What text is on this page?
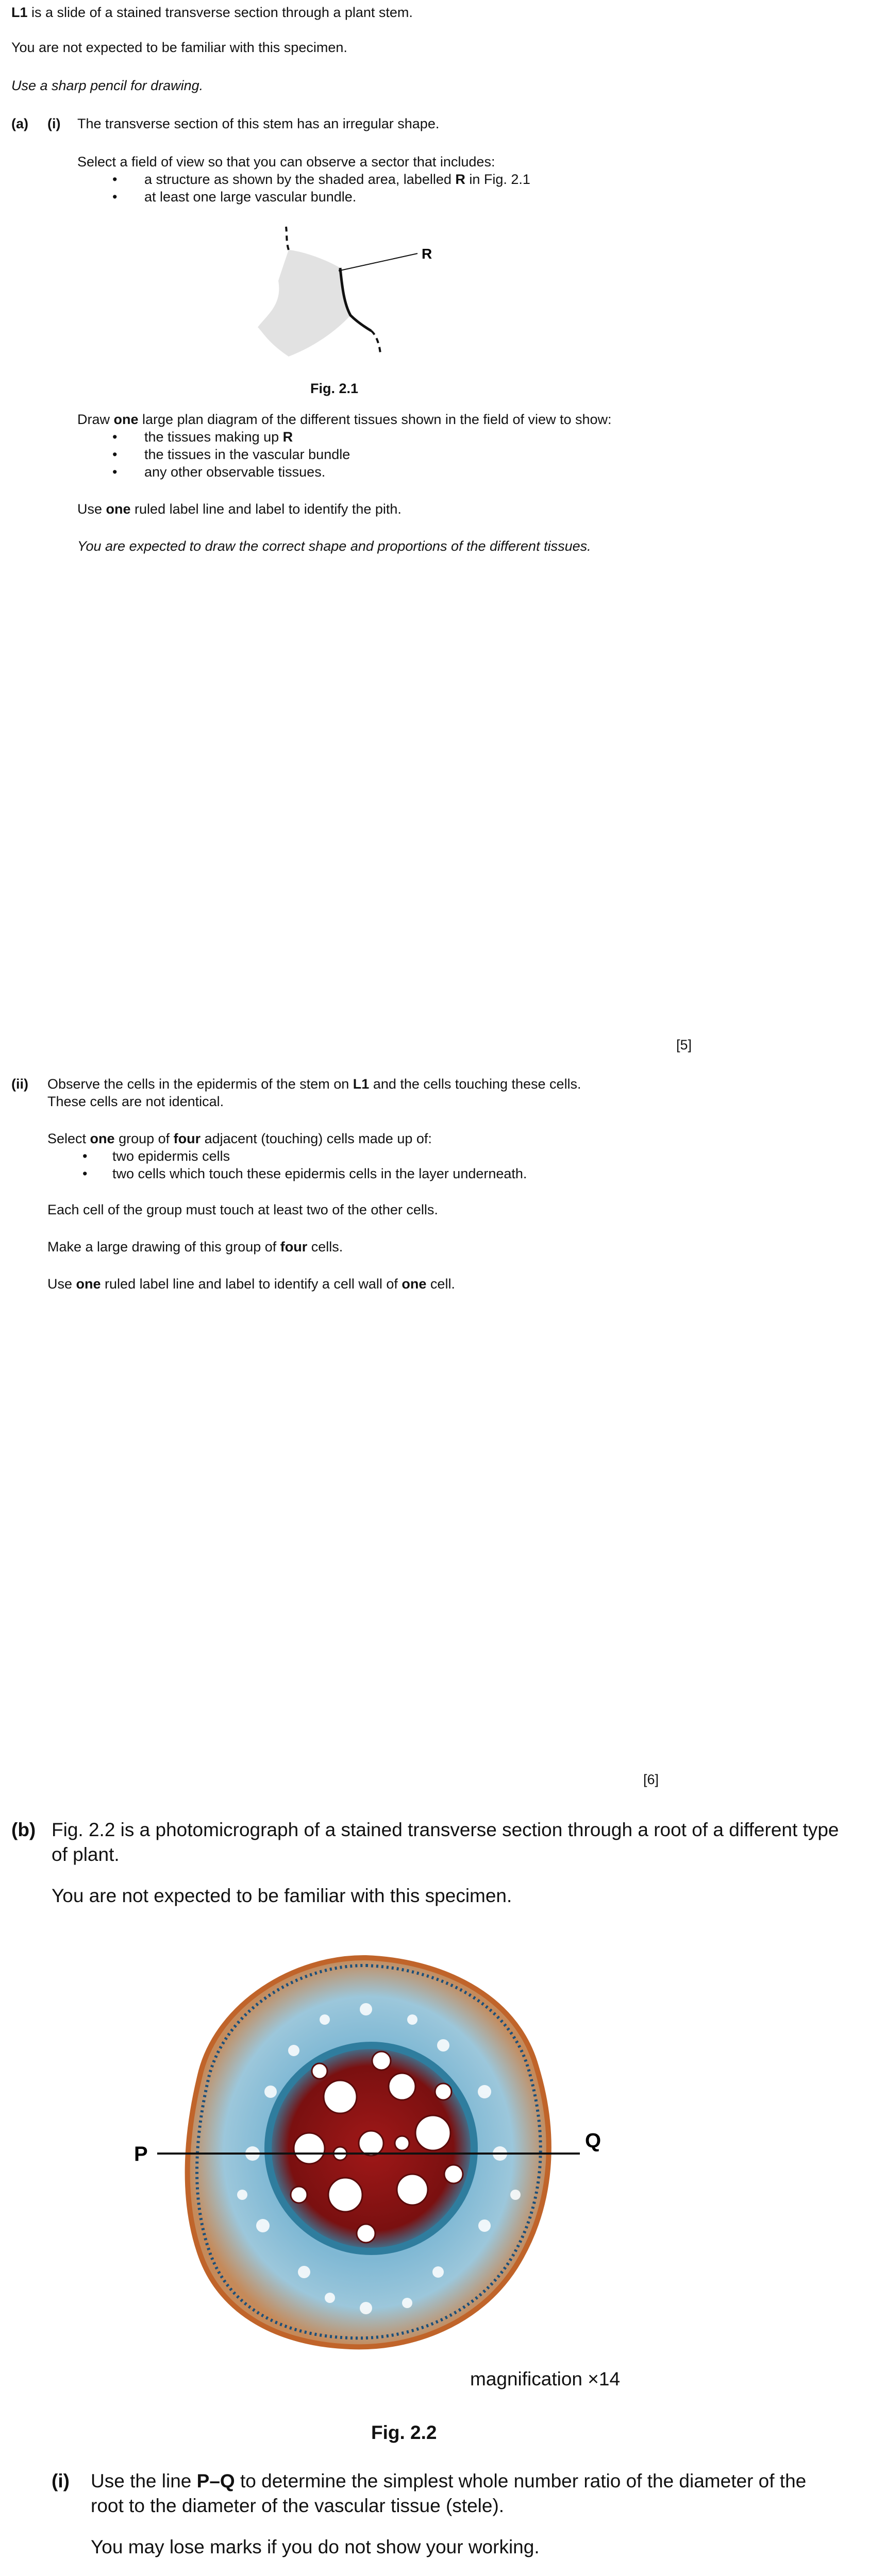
L1 is a slide of a stained transverse section through a plant stem.

You are not expected to be familiar with this specimen.

Use a sharp pencil for drawing.

(a) (i) The transverse section of this stem has an irregular shape.

Select a field of view so that you can observe a sector that includes:

• a structure as shown by the shaded area, labelled R in Fig. 2.1

• at least one large vascular bundle.

R

Fig. 2.1

Draw one large plan diagram of the different tissues shown in the field of view to show:

• the tissues making up R

• the tissues in the vascular bundle

• any other observable tissues.

Use one ruled label line and label to identify the pith.

You are expected to draw the correct shape and proportions of the different tissues.

[5]

(ii) Observe the cells in the epidermis of the stem on L1 and the cells touching these cells.

These cells are not identical.

Select one group of four adjacent (touching) cells made up of:

• two epidermis cells

• two cells which touch these epidermis cells in the layer underneath.

Each cell of the group must touch at least two of the other cells.

Make a large drawing of this group of four cells.

Use one ruled label line and label to identify a cell wall of one cell.

[6]

(b) Fig. 2.2 is a photomicrograph of a stained transverse section through a root of a different type

of plant.

You are not expected to be familiar with this specimen.

P
Q

magnification ×14

Fig. 2.2

(i) Use the line P–Q to determine the simplest whole number ratio of the diameter of the

root to the diameter of the vascular tissue (stele).

You may lose marks if you do not show your working.
